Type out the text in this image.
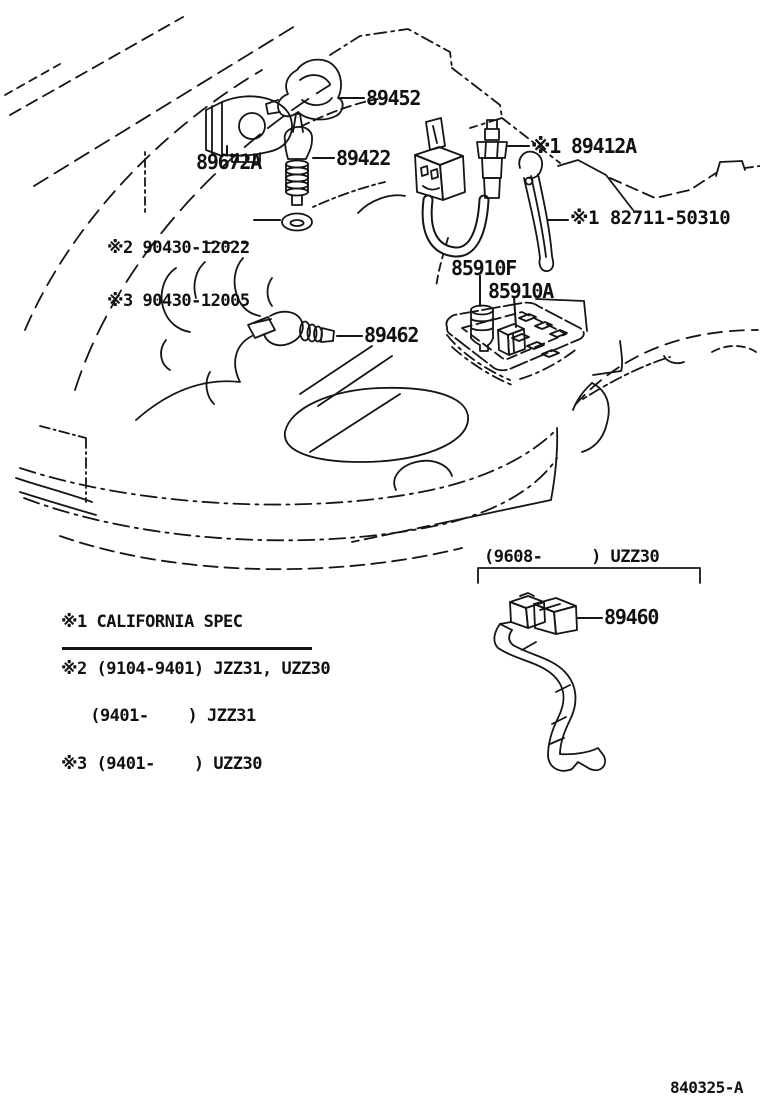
89452
89672A	89422

※2 90430-12022

※3 90430-12005

※1 89412A
※1 82711-50310
85910F
85910A
89462
89460
(9608-     ) UZZ30

※1 CALIFORNIA SPEC

※2 (9104-9401) JZZ31, UZZ30

(9401-    ) JZZ31

※3 (9401-    ) UZZ30

840325-A
